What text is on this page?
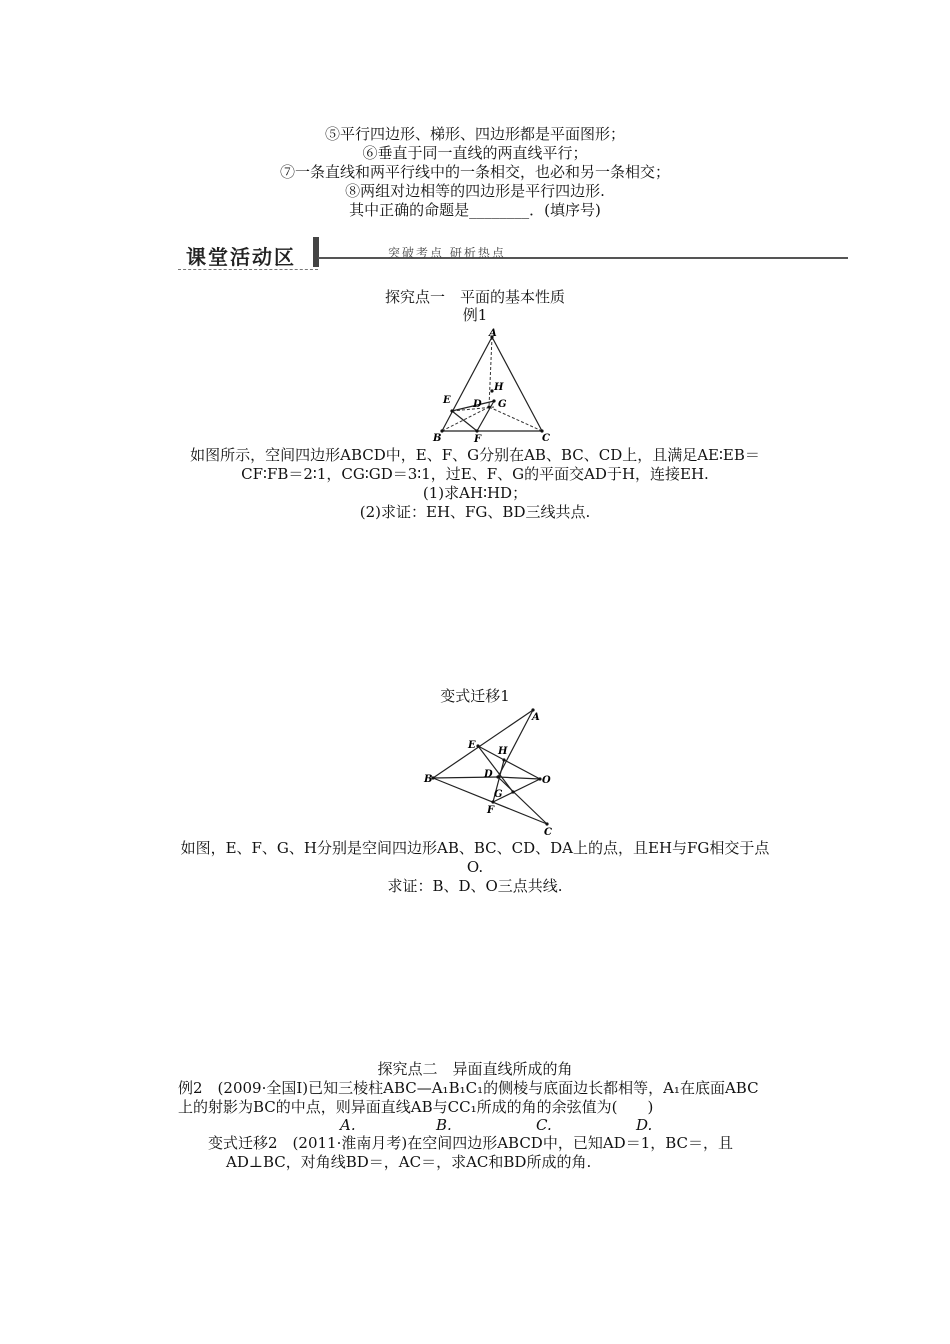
⑤平行四边形、梯形、四边形都是平面图形；
⑥垂直于同一直线的两直线平行；
⑦一条直线和两平行线中的一条相交，也必和另一条相交；
⑧两组对边相等的四边形是平行四边形.
其中正确的命题是________．(填序号)
课堂活动区	突破考点 研析热点
探究点一　平面的基本性质
例1
A
B	C
D
E
F
G
H
如图所示，空间四边形ABCD中，E、F、G分别在AB、BC、CD上，且满足AE∶EB＝
CF∶FB＝2∶1，CG∶GD＝3∶1，过E、F、G的平面交AD于H，连接EH.
(1)求AH∶HD；
(2)求证：EH、FG、BD三线共点.
变式迁移1
A
B
C
D
E
F
G
H
O
如图，E、F、G、H分别是空间四边形AB、BC、CD、DA上的点，且EH与FG相交于点
O.
求证：B、D、O三点共线.
探究点二　异面直线所成的角
例2　(2009·全国Ⅰ)已知三棱柱ABC—A₁B₁C₁的侧棱与底面边长都相等，A₁在底面ABC
上的射影为BC的中点，则异面直线AB与CC₁所成的角的余弦值为(　　)
A.	B.	C.	D.
变式迁移2　(2011·淮南月考)在空间四边形ABCD中，已知AD＝1，BC＝，且
AD⊥BC，对角线BD＝，AC＝，求AC和BD所成的角.
